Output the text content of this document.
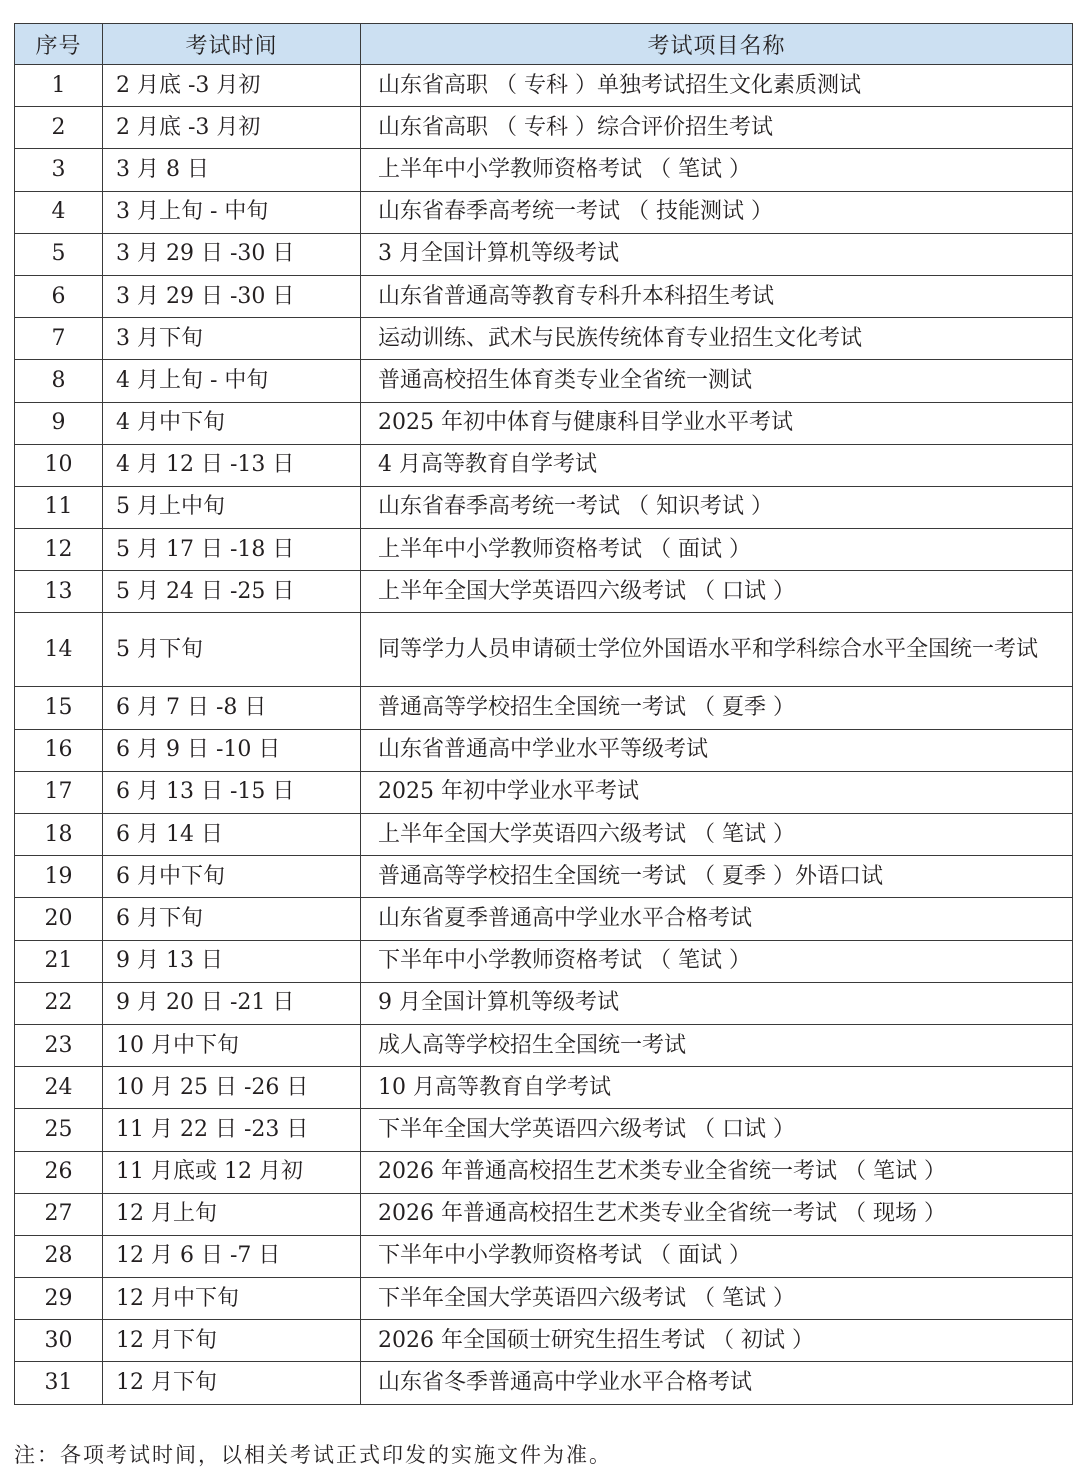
序号	考试时间	考试项目名称
1	2 月底 -3 月初	山东省高职 （ 专科 ）单独考试招生文化素质测试
2	2 月底 -3 月初	山东省高职 （ 专科 ）综合评价招生考试
3	3 月 8 日	上半年中小学教师资格考试 （ 笔试 ）
4	3 月上旬 - 中旬	山东省春季高考统一考试 （ 技能测试 ）
5	3 月 29 日 -30 日	3 月全国计算机等级考试
6	3 月 29 日 -30 日	山东省普通高等教育专科升本科招生考试
7	3 月下旬	运动训练、武术与民族传统体育专业招生文化考试
8	4 月上旬 - 中旬	普通高校招生体育类专业全省统一测试
9	4 月中下旬	2025 年初中体育与健康科目学业水平考试
10	4 月 12 日 -13 日	4 月高等教育自学考试
11	5 月上中旬	山东省春季高考统一考试 （ 知识考试 ）
12	5 月 17 日 -18 日	上半年中小学教师资格考试 （ 面试 ）
13	5 月 24 日 -25 日	上半年全国大学英语四六级考试 （ 口试 ）
14	5 月下旬	同等学力人员申请硕士学位外国语水平和学科综合水平全国统一考试
15	6 月 7 日 -8 日	普通高等学校招生全国统一考试 （ 夏季 ）
16	6 月 9 日 -10 日	山东省普通高中学业水平等级考试
17	6 月 13 日 -15 日	2025 年初中学业水平考试
18	6 月 14 日	上半年全国大学英语四六级考试 （ 笔试 ）
19	6 月中下旬	普通高等学校招生全国统一考试 （ 夏季 ）外语口试
20	6 月下旬	山东省夏季普通高中学业水平合格考试
21	9 月 13 日	下半年中小学教师资格考试 （ 笔试 ）
22	9 月 20 日 -21 日	9 月全国计算机等级考试
23	10 月中下旬	成人高等学校招生全国统一考试
24	10 月 25 日 -26 日	10 月高等教育自学考试
25	11 月 22 日 -23 日	下半年全国大学英语四六级考试 （ 口试 ）
26	11 月底或 12 月初	2026 年普通高校招生艺术类专业全省统一考试 （ 笔试 ）
27	12 月上旬	2026 年普通高校招生艺术类专业全省统一考试 （ 现场 ）
28	12 月 6 日 -7 日	下半年中小学教师资格考试 （ 面试 ）
29	12 月中下旬	下半年全国大学英语四六级考试 （ 笔试 ）
30	12 月下旬	2026 年全国硕士研究生招生考试 （ 初试 ）
31	12 月下旬	山东省冬季普通高中学业水平合格考试
注：各项考试时间，以相关考试正式印发的实施文件为准。
